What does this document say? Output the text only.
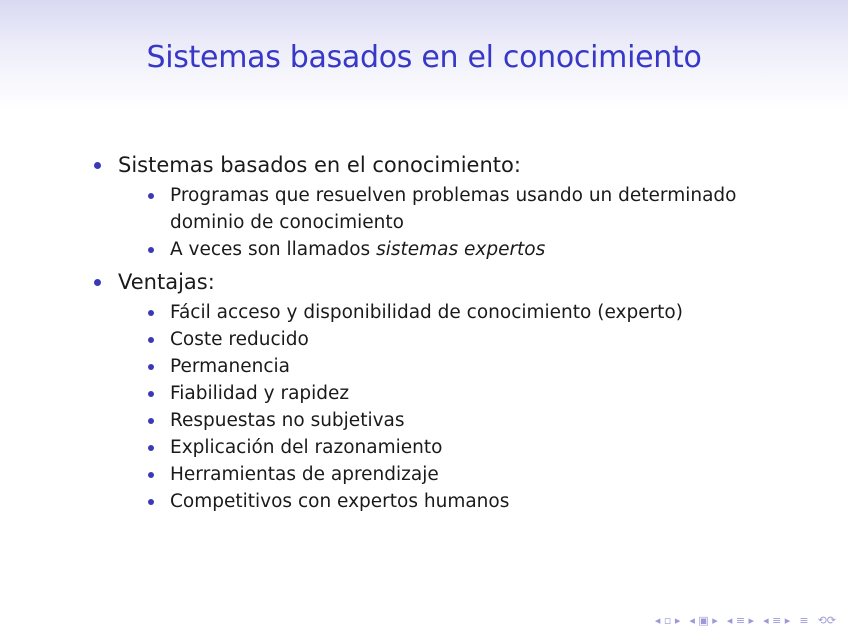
Sistemas basados en el conocimiento
Sistemas basados en el conocimiento:
Programas que resuelven problemas usando un determinado dominio de conocimiento
A veces son llamados sistemas expertos
Ventajas:
Fácil acceso y disponibilidad de conocimiento (experto)
Coste reducido
Permanencia
Fiabilidad y rapidez
Respuestas no subjetivas
Explicación del razonamiento
Herramientas de aprendizaje
Competitivos con expertos humanos
◂ ▫ ▸ ◂ ▣ ▸ ◂ ≡ ▸ ◂ ≡ ▸ ≡ ⟲⟳
